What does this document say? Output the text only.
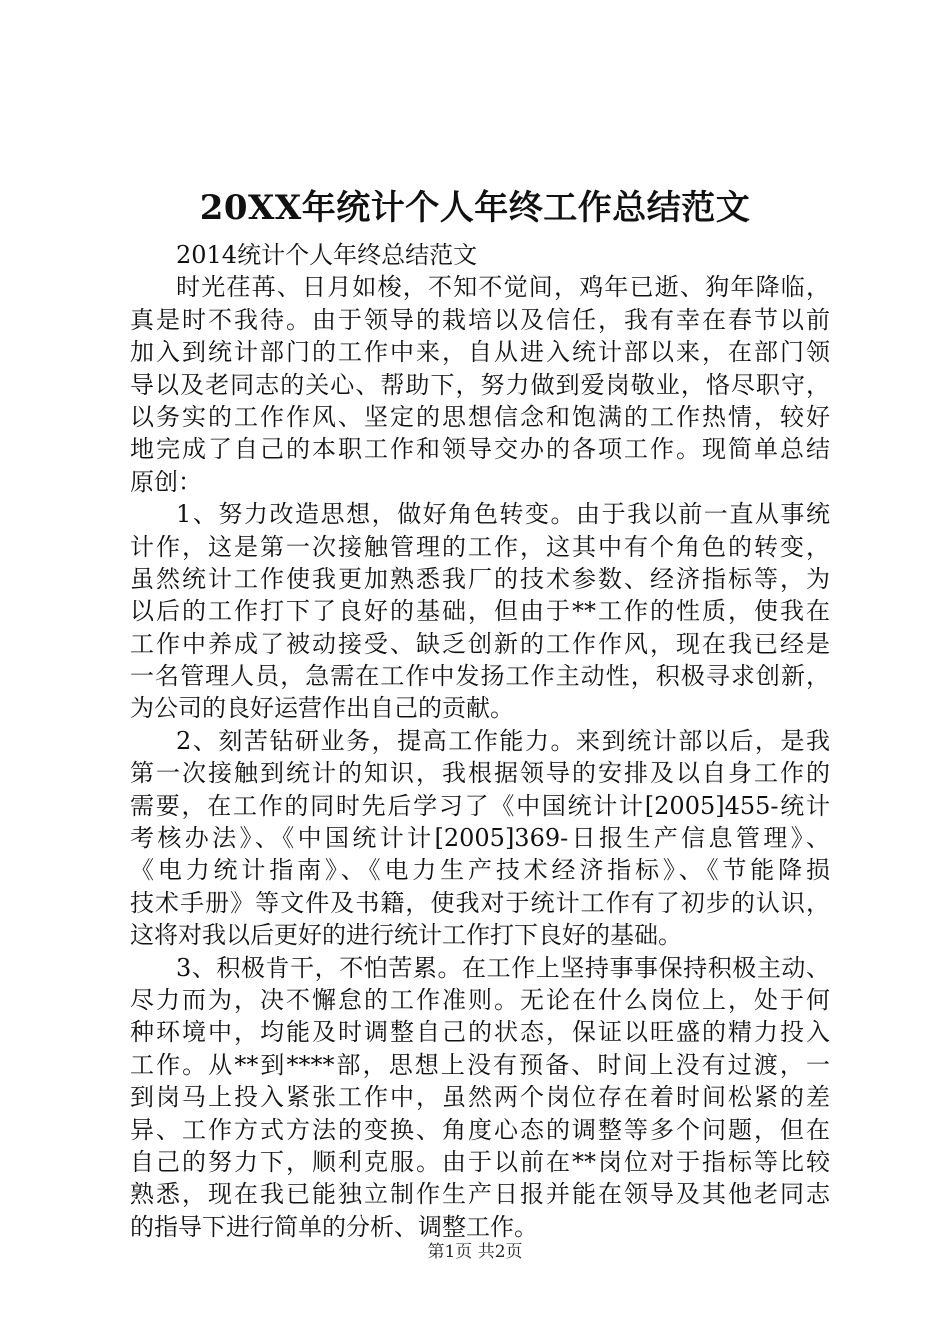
20XX年统计个人年终工作总结范文
2014统计个人年终总结范文
时光荏苒、日月如梭，不知不觉间，鸡年已逝、狗年降临，
真是时不我待。由于领导的栽培以及信任，我有幸在春节以前
加入到统计部门的工作中来，自从进入统计部以来，在部门领
导以及老同志的关心、帮助下，努力做到爱岗敬业，恪尽职守，
以务实的工作作风、坚定的思想信念和饱满的工作热情，较好
地完成了自己的本职工作和领导交办的各项工作。现简单总结
原创：
1、努力改造思想，做好角色转变。由于我以前一直从事统
计作，这是第一次接触管理的工作，这其中有个角色的转变，
虽然统计工作使我更加熟悉我厂的技术参数、经济指标等，为
以后的工作打下了良好的基础，但由于**工作的性质，使我在
工作中养成了被动接受、缺乏创新的工作作风，现在我已经是
一名管理人员，急需在工作中发扬工作主动性，积极寻求创新，
为公司的良好运营作出自己的贡献。
2、刻苦钻研业务，提高工作能力。来到统计部以后，是我
第一次接触到统计的知识，我根据领导的安排及以自身工作的
需要，在工作的同时先后学习了《中国统计计[2005]455-统计
考核办法》、《中国统计计[2005]369-日报生产信息管理》、
《电力统计指南》、《电力生产技术经济指标》、《节能降损
技术手册》等文件及书籍，使我对于统计工作有了初步的认识，
这将对我以后更好的进行统计工作打下良好的基础。
3、积极肯干，不怕苦累。在工作上坚持事事保持积极主动、
尽力而为，决不懈怠的工作准则。无论在什么岗位上，处于何
种环境中，均能及时调整自己的状态，保证以旺盛的精力投入
工作。从**到****部，思想上没有预备、时间上没有过渡，一
到岗马上投入紧张工作中，虽然两个岗位存在着时间松紧的差
异、工作方式方法的变换、角度心态的调整等多个问题，但在
自己的努力下，顺利克服。由于以前在**岗位对于指标等比较
熟悉，现在我已能独立制作生产日报并能在领导及其他老同志
的指导下进行简单的分析、调整工作。
第1页 共2页
